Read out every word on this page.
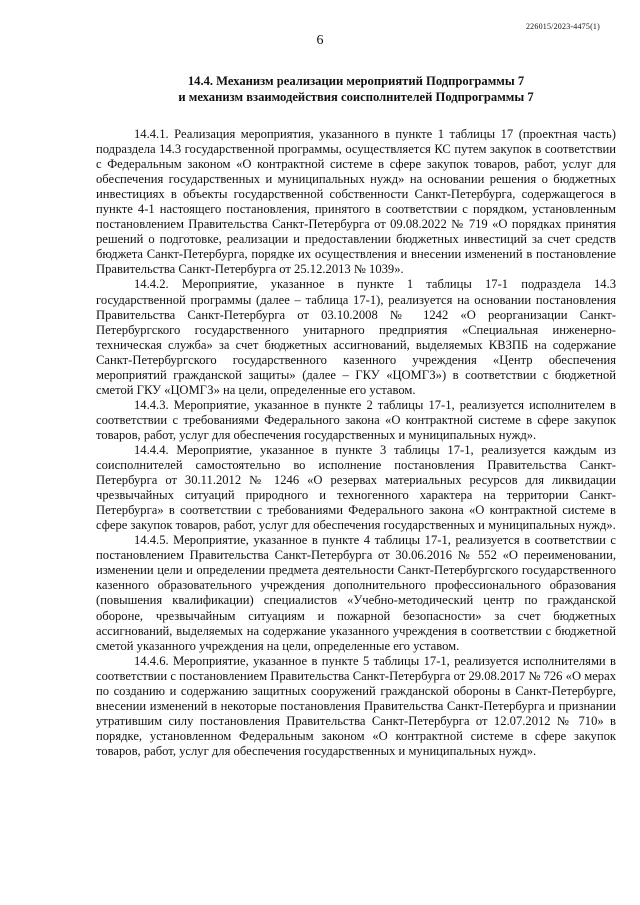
226015/2023-4475(1)
6
14.4. Механизм реализации мероприятий Подпрограммы 7
и механизм взаимодействия соисполнителей Подпрограммы 7

14.4.1. Реализация мероприятия, указанного в пункте 1 таблицы 17 (проектная часть) подраздела 14.3 государственной программы, осуществляется КС путем закупок в соответствии с Федеральным законом «О контрактной системе в сфере закупок товаров, работ, услуг для обеспечения государственных и муниципальных нужд» на основании решения о бюджетных инвестициях в объекты государственной собственности Санкт-Петербурга, содержащегося в пункте 4-1 настоящего постановления, принятого в соответствии с порядком, установленным постановлением Правительства Санкт-Петербурга от 09.08.2022 № 719 «О порядках принятия решений о подготовке, реализации и предоставлении бюджетных инвестиций за счет средств бюджета Санкт-Петербурга, порядке их осуществления и внесении изменений в постановление Правительства Санкт-Петербурга от 25.12.2013 № 1039».

14.4.2. Мероприятие, указанное в пункте 1 таблицы 17-1 подраздела 14.3 государственной программы (далее – таблица 17-1), реализуется на основании постановления Правительства Санкт-Петербурга от 03.10.2008 № 1242 «О реорганизации Санкт-Петербургского государственного унитарного предприятия «Специальная инженерно-техническая служба» за счет бюджетных ассигнований, выделяемых КВЗПБ на содержание Санкт-Петербургского государственного казенного учреждения «Центр обеспечения мероприятий гражданской защиты» (далее – ГКУ «ЦОМГЗ») в соответствии с бюджетной сметой ГКУ «ЦОМГЗ» на цели, определенные его уставом.

14.4.3. Мероприятие, указанное в пункте 2 таблицы 17-1, реализуется исполнителем в соответствии с требованиями Федерального закона «О контрактной системе в сфере закупок товаров, работ, услуг для обеспечения государственных и муниципальных нужд».

14.4.4. Мероприятие, указанное в пункте 3 таблицы 17-1, реализуется каждым из соисполнителей самостоятельно во исполнение постановления Правительства Санкт-Петербурга от 30.11.2012 № 1246 «О резервах материальных ресурсов для ликвидации чрезвычайных ситуаций природного и техногенного характера на территории Санкт-Петербурга» в соответствии с требованиями Федерального закона «О контрактной системе в сфере закупок товаров, работ, услуг для обеспечения государственных и муниципальных нужд».

14.4.5. Мероприятие, указанное в пункте 4 таблицы 17-1, реализуется в соответствии с постановлением Правительства Санкт-Петербурга от 30.06.2016 № 552 «О переименовании, изменении цели и определении предмета деятельности Санкт-Петербургского государственного казенного образовательного учреждения дополнительного профессионального образования (повышения квалификации) специалистов «Учебно-методический центр по гражданской обороне, чрезвычайным ситуациям и пожарной безопасности» за счет бюджетных ассигнований, выделяемых на содержание указанного учреждения в соответствии с бюджетной сметой указанного учреждения на цели, определенные его уставом.

14.4.6. Мероприятие, указанное в пункте 5 таблицы 17-1, реализуется исполнителями в соответствии с постановлением Правительства Санкт-Петербурга от 29.08.2017 № 726 «О мерах по созданию и содержанию защитных сооружений гражданской обороны в Санкт-Петербурге, внесении изменений в некоторые постановления Правительства Санкт-Петербурга и признании утратившим силу постановления Правительства Санкт-Петербурга от 12.07.2012 № 710» в порядке, установленном Федеральным законом «О контрактной системе в сфере закупок товаров, работ, услуг для обеспечения государственных и муниципальных нужд».
